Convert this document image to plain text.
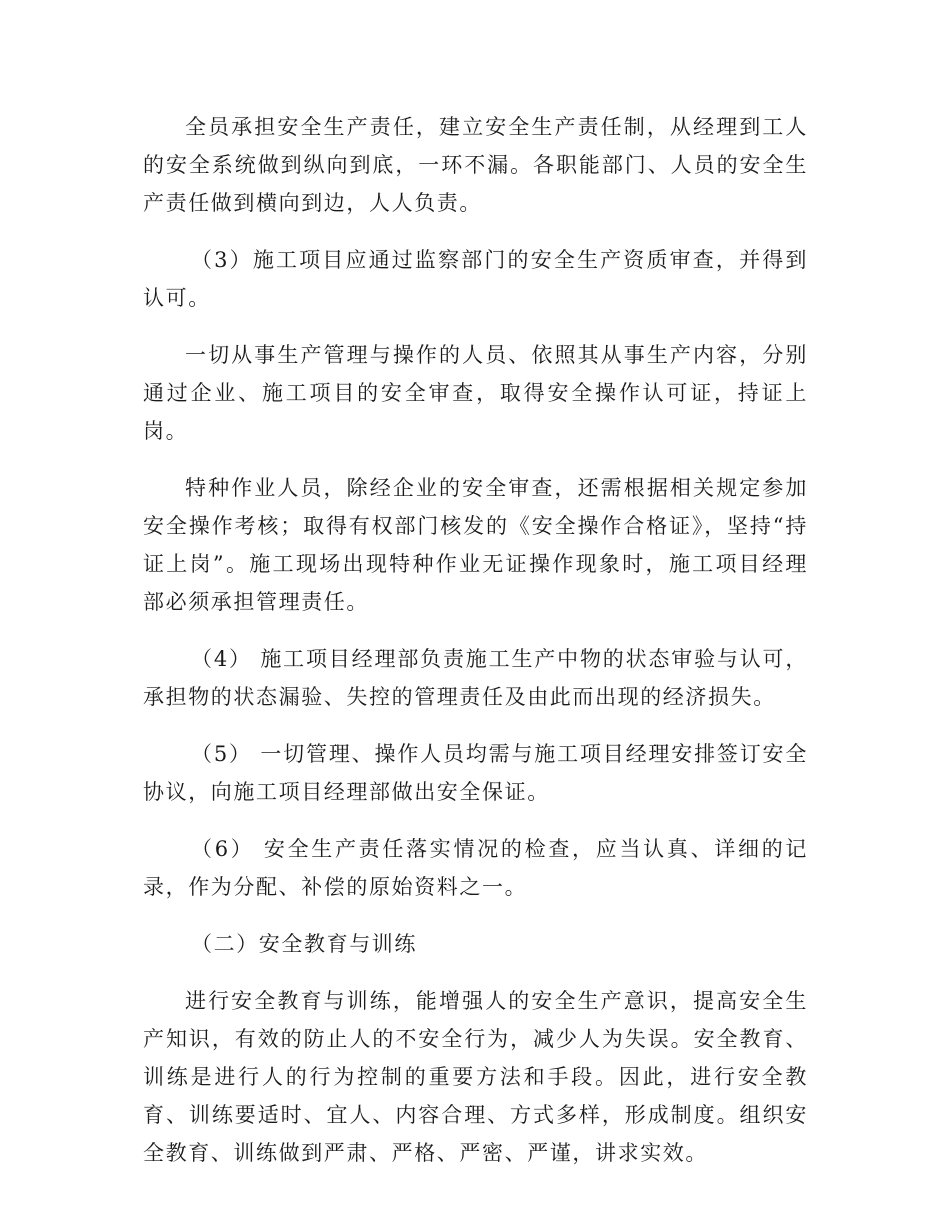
全员承担安全生产责任，建立安全生产责任制，从经理到工人的安全系统做到纵向到底，一环不漏。各职能部门、人员的安全生产责任做到横向到边，人人负责。

（3）施工项目应通过监察部门的安全生产资质审查，并得到认可。

一切从事生产管理与操作的人员、依照其从事生产内容，分别通过企业、施工项目的安全审查，取得安全操作认可证，持证上岗。

特种作业人员，除经企业的安全审查，还需根据相关规定参加安全操作考核；取得有权部门核发的《安全操作合格证》，坚持“持证上岗”。施工现场出现特种作业无证操作现象时，施工项目经理部必须承担管理责任。

（4） 施工项目经理部负责施工生产中物的状态审验与认可，承担物的状态漏验、失控的管理责任及由此而出现的经济损失。

（5） 一切管理、操作人员均需与施工项目经理安排签订安全协议，向施工项目经理部做出安全保证。

（6） 安全生产责任落实情况的检查，应当认真、详细的记录，作为分配、补偿的原始资料之一。

（二）安全教育与训练

进行安全教育与训练，能增强人的安全生产意识，提高安全生产知识，有效的防止人的不安全行为，减少人为失误。安全教育、训练是进行人的行为控制的重要方法和手段。因此，进行安全教育、训练要适时、宜人、内容合理、方式多样，形成制度。组织安全教育、训练做到严肃、严格、严密、严谨，讲求实效。
